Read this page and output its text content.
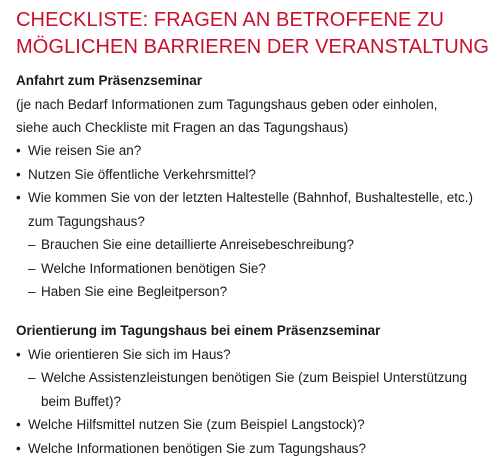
CHECKLISTE: FRAGEN AN BETROFFENE ZU
MÖGLICHEN BARRIEREN DER VERANSTALTUNG
Anfahrt zum Präsenzseminar

(je nach Bedarf Informationen zum Tagungshaus geben oder einholen,
siehe auch Checkliste mit Fragen an das Tagungshaus)

• Wie reisen Sie an?
• Nutzen Sie öffentliche Verkehrsmittel?
• Wie kommen Sie von der letzten Haltestelle (Bahnhof, Bushaltestelle, etc.)
zum Tagungshaus?
– Brauchen Sie eine detaillierte Anreisebeschreibung?
– Welche Informationen benötigen Sie?
– Haben Sie eine Begleitperson?
Orientierung im Tagungshaus bei einem Präsenzseminar
• Wie orientieren Sie sich im Haus?
– Welche Assistenzleistungen benötigen Sie (zum Beispiel Unterstützung
beim Buffet)?
• Welche Hilfsmittel nutzen Sie (zum Beispiel Langstock)?
• Welche Informationen benötigen Sie zum Tagungshaus?
